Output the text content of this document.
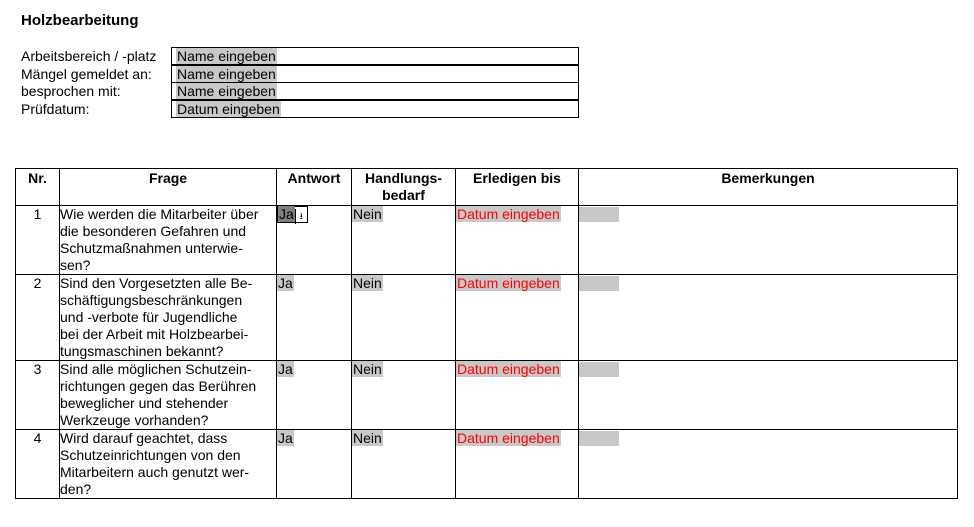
Holzbearbeitung
Arbeitsbereich / -platz Name eingeben
Mängel gemeldet an: Name eingeben
besprochen mit:	Name eingeben
Prüfdatum:	Datum eingeben
Nr.	Frage	Antwort	Handlungs-
bedarf	Erledigen bis	Bemerkungen
1	Wie werden die Mitarbeiter über
die besonderen Gefahren und
Schutzmaßnahmen unterwie-
sen?	Ja ⭳	Nein	Datum eingeben	
2	Sind den Vorgesetzten alle Be-
schäftigungsbeschränkungen
und -verbote für Jugendliche
bei der Arbeit mit Holzbearbei-
tungsmaschinen bekannt?	Ja	Nein	Datum eingeben	
3	Sind alle möglichen Schutzein-
richtungen gegen das Berühren
beweglicher und stehender
Werkzeuge vorhanden?	Ja	Nein	Datum eingeben	
4	Wird darauf geachtet, dass
Schutzeinrichtungen von den
Mitarbeitern auch genutzt wer-
den?	Ja	Nein	Datum eingeben	
